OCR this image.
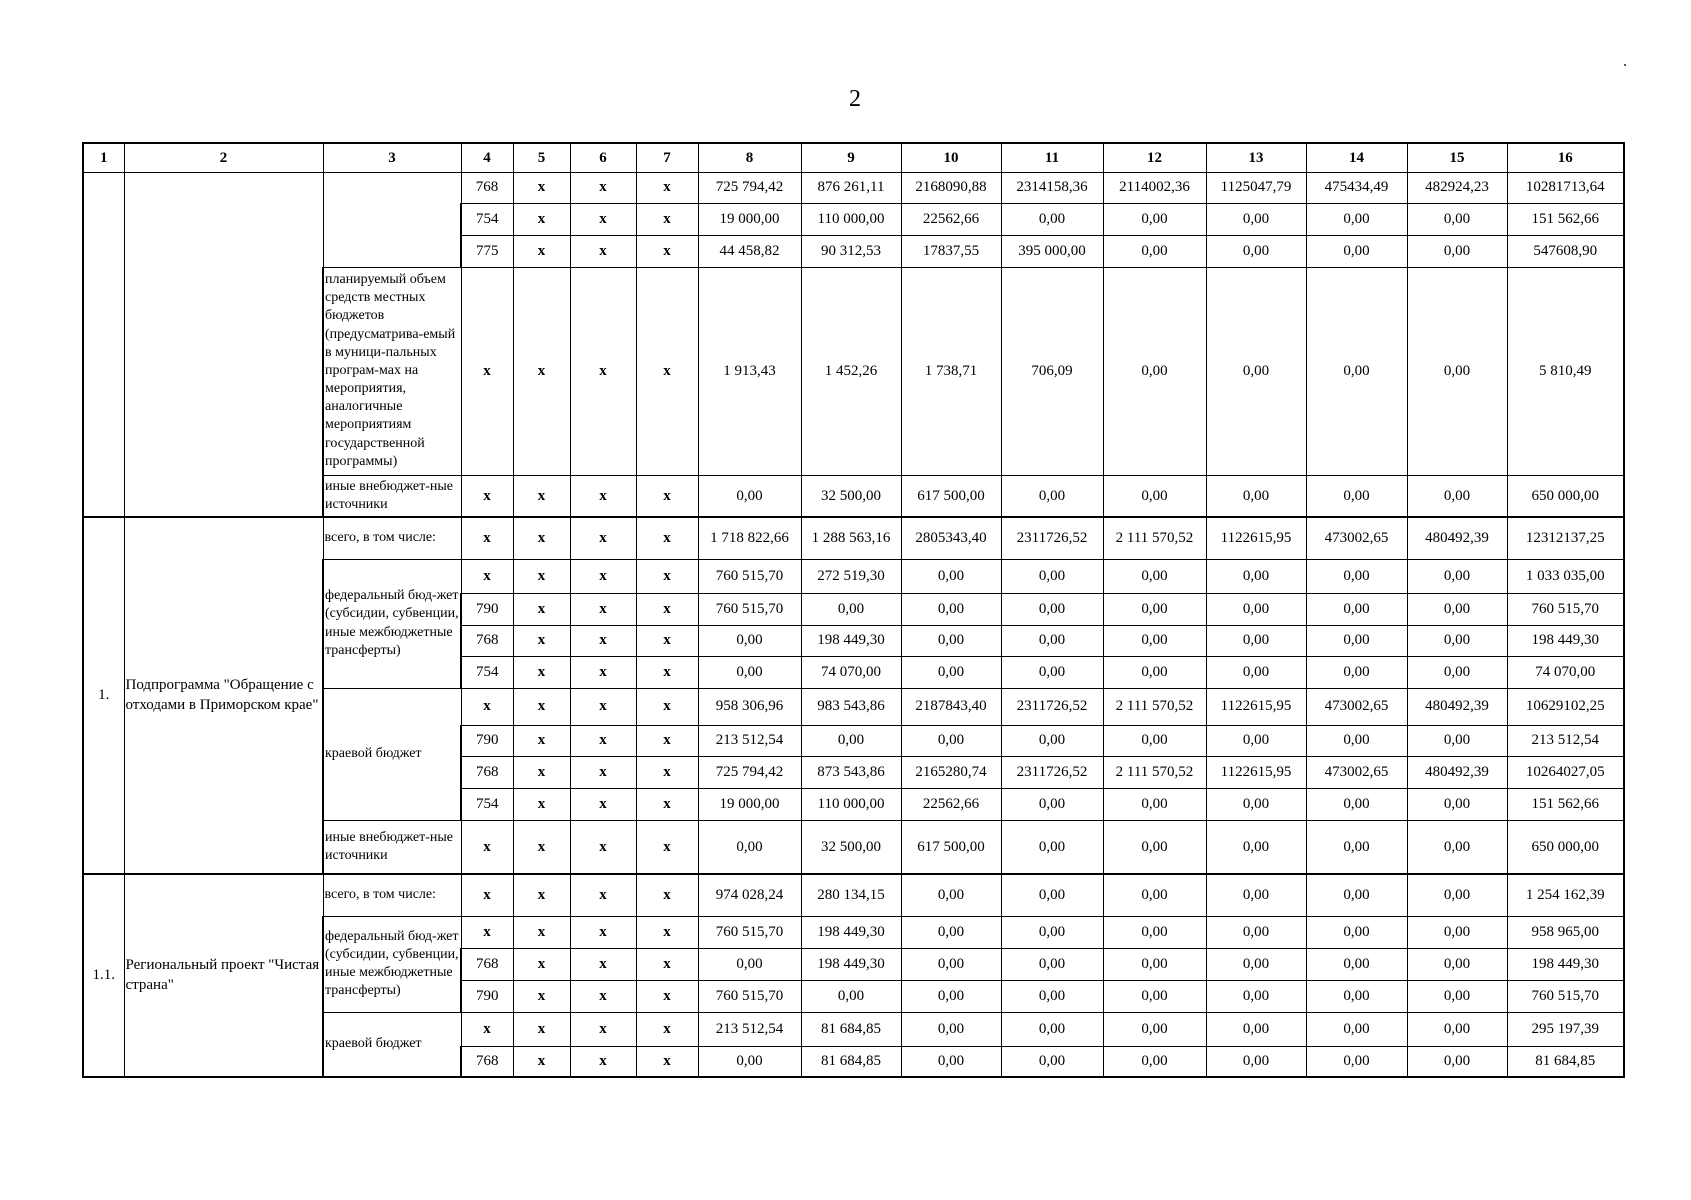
2
1	2	3	4	5	6	7	8	9	10	11	12	13	14	15	16
			768	x	x	x	725 794,42	876 261,11	2168090,88	2314158,36	2114002,36	1125047,79	475434,49	482924,23	10281713,64
			754	x	x	x	19 000,00	110 000,00	22562,66	0,00	0,00	0,00	0,00	0,00	151 562,66
			775	x	x	x	44 458,82	90 312,53	17837,55	395 000,00	0,00	0,00	0,00	0,00	547608,90
		планируемый объем средств местных бюджетов (предусматрива-емый в муници-пальных програм-мах на мероприятия, аналогичные мероприятиям государственной программы)	x	x	x	x	1 913,43	1 452,26	1 738,71	706,09	0,00	0,00	0,00	0,00	5 810,49
		иные внебюджет-ные источники	x	x	x	x	0,00	32 500,00	617 500,00	0,00	0,00	0,00	0,00	0,00	650 000,00
1.	Подпрограмма "Обращение с отходами в Приморском крае"	всего, в том числе:	x	x	x	x	1 718 822,66	1 288 563,16	2805343,40	2311726,52	2 111 570,52	1122615,95	473002,65	480492,39	12312137,25
		федеральный бюд-жет (субсидии, субвенции, иные межбюджетные трансферты)	x	x	x	x	760 515,70	272 519,30	0,00	0,00	0,00	0,00	0,00	0,00	1 033 035,00
			790	x	x	x	760 515,70	0,00	0,00	0,00	0,00	0,00	0,00	0,00	760 515,70
			768	x	x	x	0,00	198 449,30	0,00	0,00	0,00	0,00	0,00	0,00	198 449,30
			754	x	x	x	0,00	74 070,00	0,00	0,00	0,00	0,00	0,00	0,00	74 070,00
		краевой бюджет	x	x	x	x	958 306,96	983 543,86	2187843,40	2311726,52	2 111 570,52	1122615,95	473002,65	480492,39	10629102,25
			790	x	x	x	213 512,54	0,00	0,00	0,00	0,00	0,00	0,00	0,00	213 512,54
			768	x	x	x	725 794,42	873 543,86	2165280,74	2311726,52	2 111 570,52	1122615,95	473002,65	480492,39	10264027,05
			754	x	x	x	19 000,00	110 000,00	22562,66	0,00	0,00	0,00	0,00	0,00	151 562,66
		иные внебюджет-ные источники	x	x	x	x	0,00	32 500,00	617 500,00	0,00	0,00	0,00	0,00	0,00	650 000,00
1.1.	Региональный проект "Чистая страна"	всего, в том числе:	x	x	x	x	974 028,24	280 134,15	0,00	0,00	0,00	0,00	0,00	0,00	1 254 162,39
		федеральный бюд-жет (субсидии, субвенции, иные межбюджетные трансферты)	x	x	x	x	760 515,70	198 449,30	0,00	0,00	0,00	0,00	0,00	0,00	958 965,00
			768	x	x	x	0,00	198 449,30	0,00	0,00	0,00	0,00	0,00	0,00	198 449,30
			790	x	x	x	760 515,70	0,00	0,00	0,00	0,00	0,00	0,00	0,00	760 515,70
		краевой бюджет	x	x	x	x	213 512,54	81 684,85	0,00	0,00	0,00	0,00	0,00	0,00	295 197,39
			768	x	x	x	0,00	81 684,85	0,00	0,00	0,00	0,00	0,00	0,00	81 684,85
